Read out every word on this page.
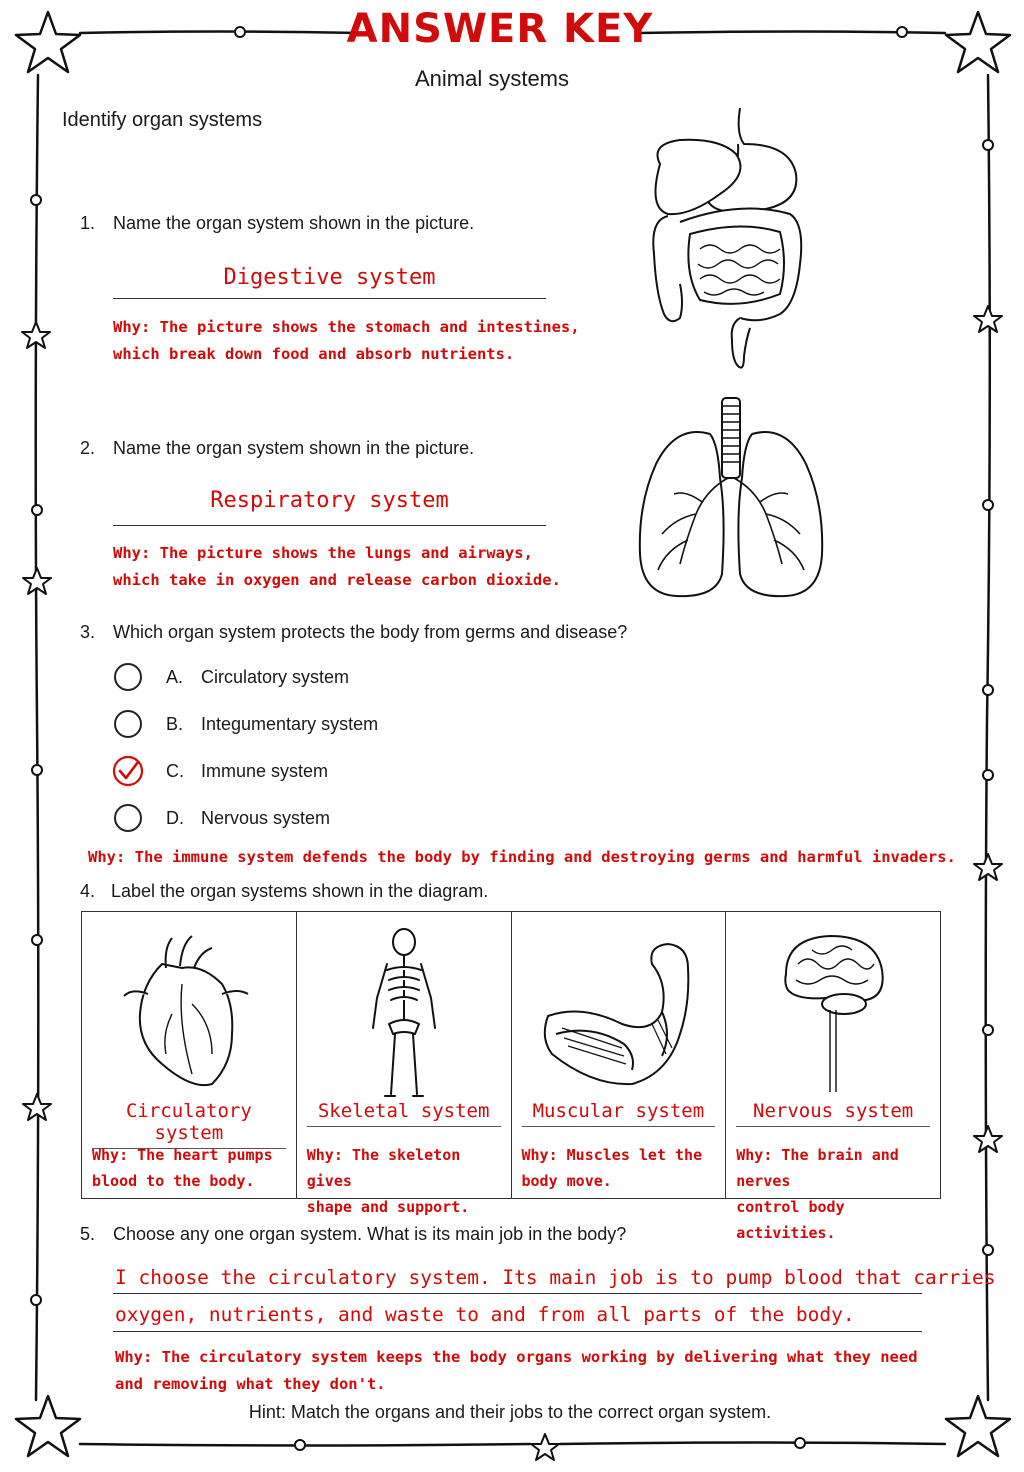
ANSWER KEY
Animal systems
Identify organ systems
1. Name the organ system shown in the picture.
Digestive system
Why: The picture shows the stomach and intestines,
which break down food and absorb nutrients.
2. Name the organ system shown in the picture.
Respiratory system
Why: The picture shows the lungs and airways,
which take in oxygen and release carbon dioxide.
3. Which organ system protects the body from germs and disease?
A. Circulatory system
B. Integumentary system
C. Immune system
D. Nervous system
Why: The immune system defends the body by finding and destroying germs and harmful invaders.
4. Label the organ systems shown in the diagram.
Circulatory system
Why: The heart pumps
blood to the body.

Skeletal system
Why: The skeleton gives
shape and support.

Muscular system
Why: Muscles let the
body move.

Nervous system
Why: The brain and nerves
control body activities.
5. Choose any one organ system. What is its main job in the body?
I choose the circulatory system. Its main job is to pump blood that carries
oxygen, nutrients, and waste to and from all parts of the body.
Why: The circulatory system keeps the body organs working by delivering what they need
and removing what they don't.
Hint: Match the organs and their jobs to the correct organ system.
